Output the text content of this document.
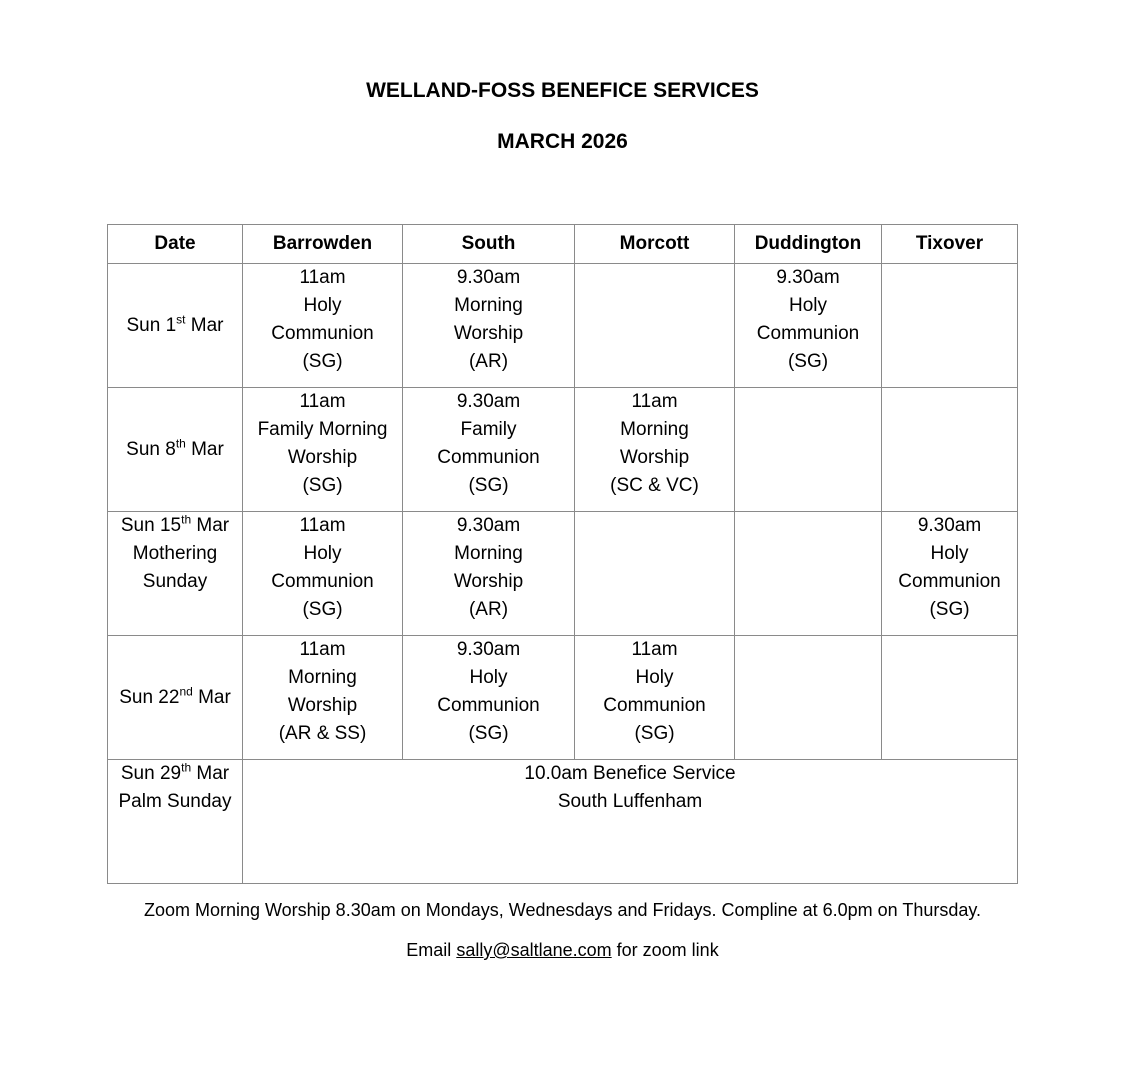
WELLAND-FOSS BENEFICE SERVICES
MARCH 2026
Date	Barrowden	South	Morcott	Duddington	Tixover

Sun 1st Mar	11am
Holy
Communion
(SG)	9.30am
Morning
Worship
(AR)		9.30am
Holy
Communion
(SG)	

Sun 8th Mar	11am
Family Morning
Worship
(SG)	9.30am
Family
Communion
(SG)	11am
Morning
Worship
(SC & VC)		

Sun 15th Mar
Mothering Sunday	11am
Holy
Communion
(SG)	9.30am
Morning
Worship
(AR)			9.30am
Holy
Communion
(SG)

Sun 22nd Mar	11am
Morning
Worship
(AR & SS)	9.30am
Holy
Communion
(SG)	11am
Holy
Communion
(SG)		

Sun 29th Mar
Palm Sunday	10.0am Benefice Service
South Luffenham				
Zoom Morning Worship 8.30am on Mondays, Wednesdays and Fridays. Compline at 6.0pm on Thursday.
Email sally@saltlane.com for zoom link
